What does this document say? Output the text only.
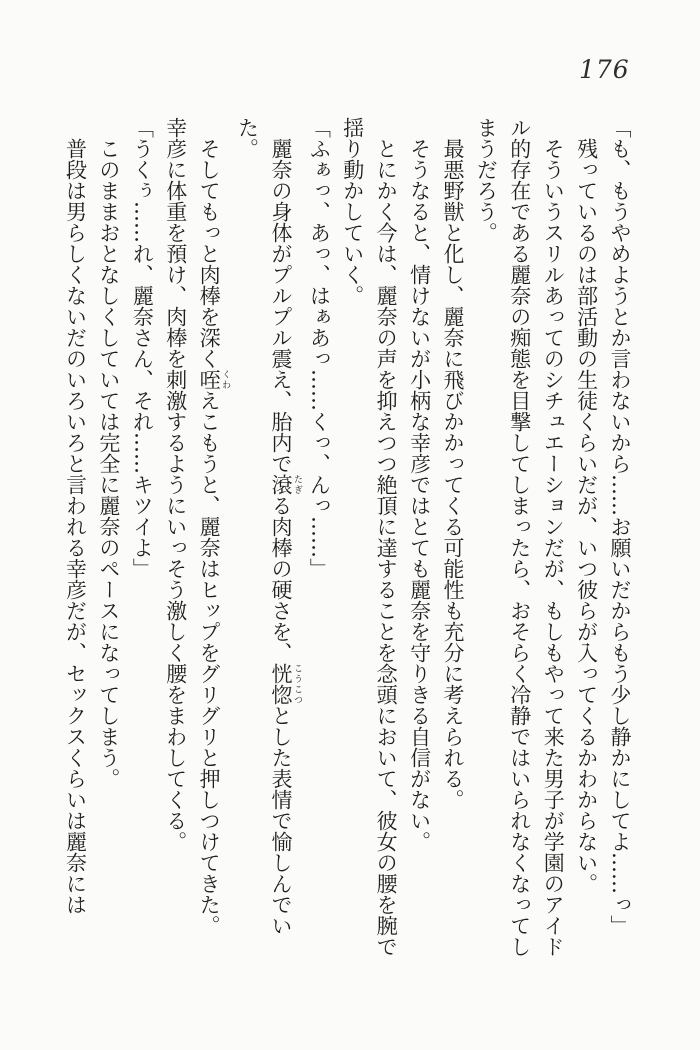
176

「も、もうやめようとか言わないから……お願いだからもう少し静かにしてよ……っ」

残っているのは部活動の生徒くらいだが、いつ彼らが入ってくるかわからない。

そういうスリルあってのシチュエーションだが、もしもやって来た男子が学園のアイドル的存在である麗奈の痴態を目撃してしまったら、おそらく冷静ではいられなくなってしまうだろう。

最悪野獣と化し、麗奈に飛びかかってくる可能性も充分に考えられる。

そうなると、情けないが小柄な幸彦ではとても麗奈を守りきる自信がない。

とにかく今は、麗奈の声を抑えつつ絶頂に達することを念頭において、彼女の腰を腕で揺り動かしていく。

「ふぁっ、あっ、はぁあっ……くっ、んっ……」

麗奈の身体がプルプル震え、胎内で滾 たぎる肉棒の硬さを、恍惚 こうこつとした表情で愉しんでいた。

そしてもっと肉棒を深く咥 くわえこもうと、麗奈はヒップをグリグリと押しつけてきた。

幸彦に体重を預け、肉棒を刺激するようにいっそう激しく腰をまわしてくる。

「うくぅ……れ、麗奈さん、それ……キツイよ」

このままおとなしくしていては完全に麗奈のペースになってしまう。

普段は男らしくないだのいろいろと言われる幸彦だが、セックスくらいは麗奈には
